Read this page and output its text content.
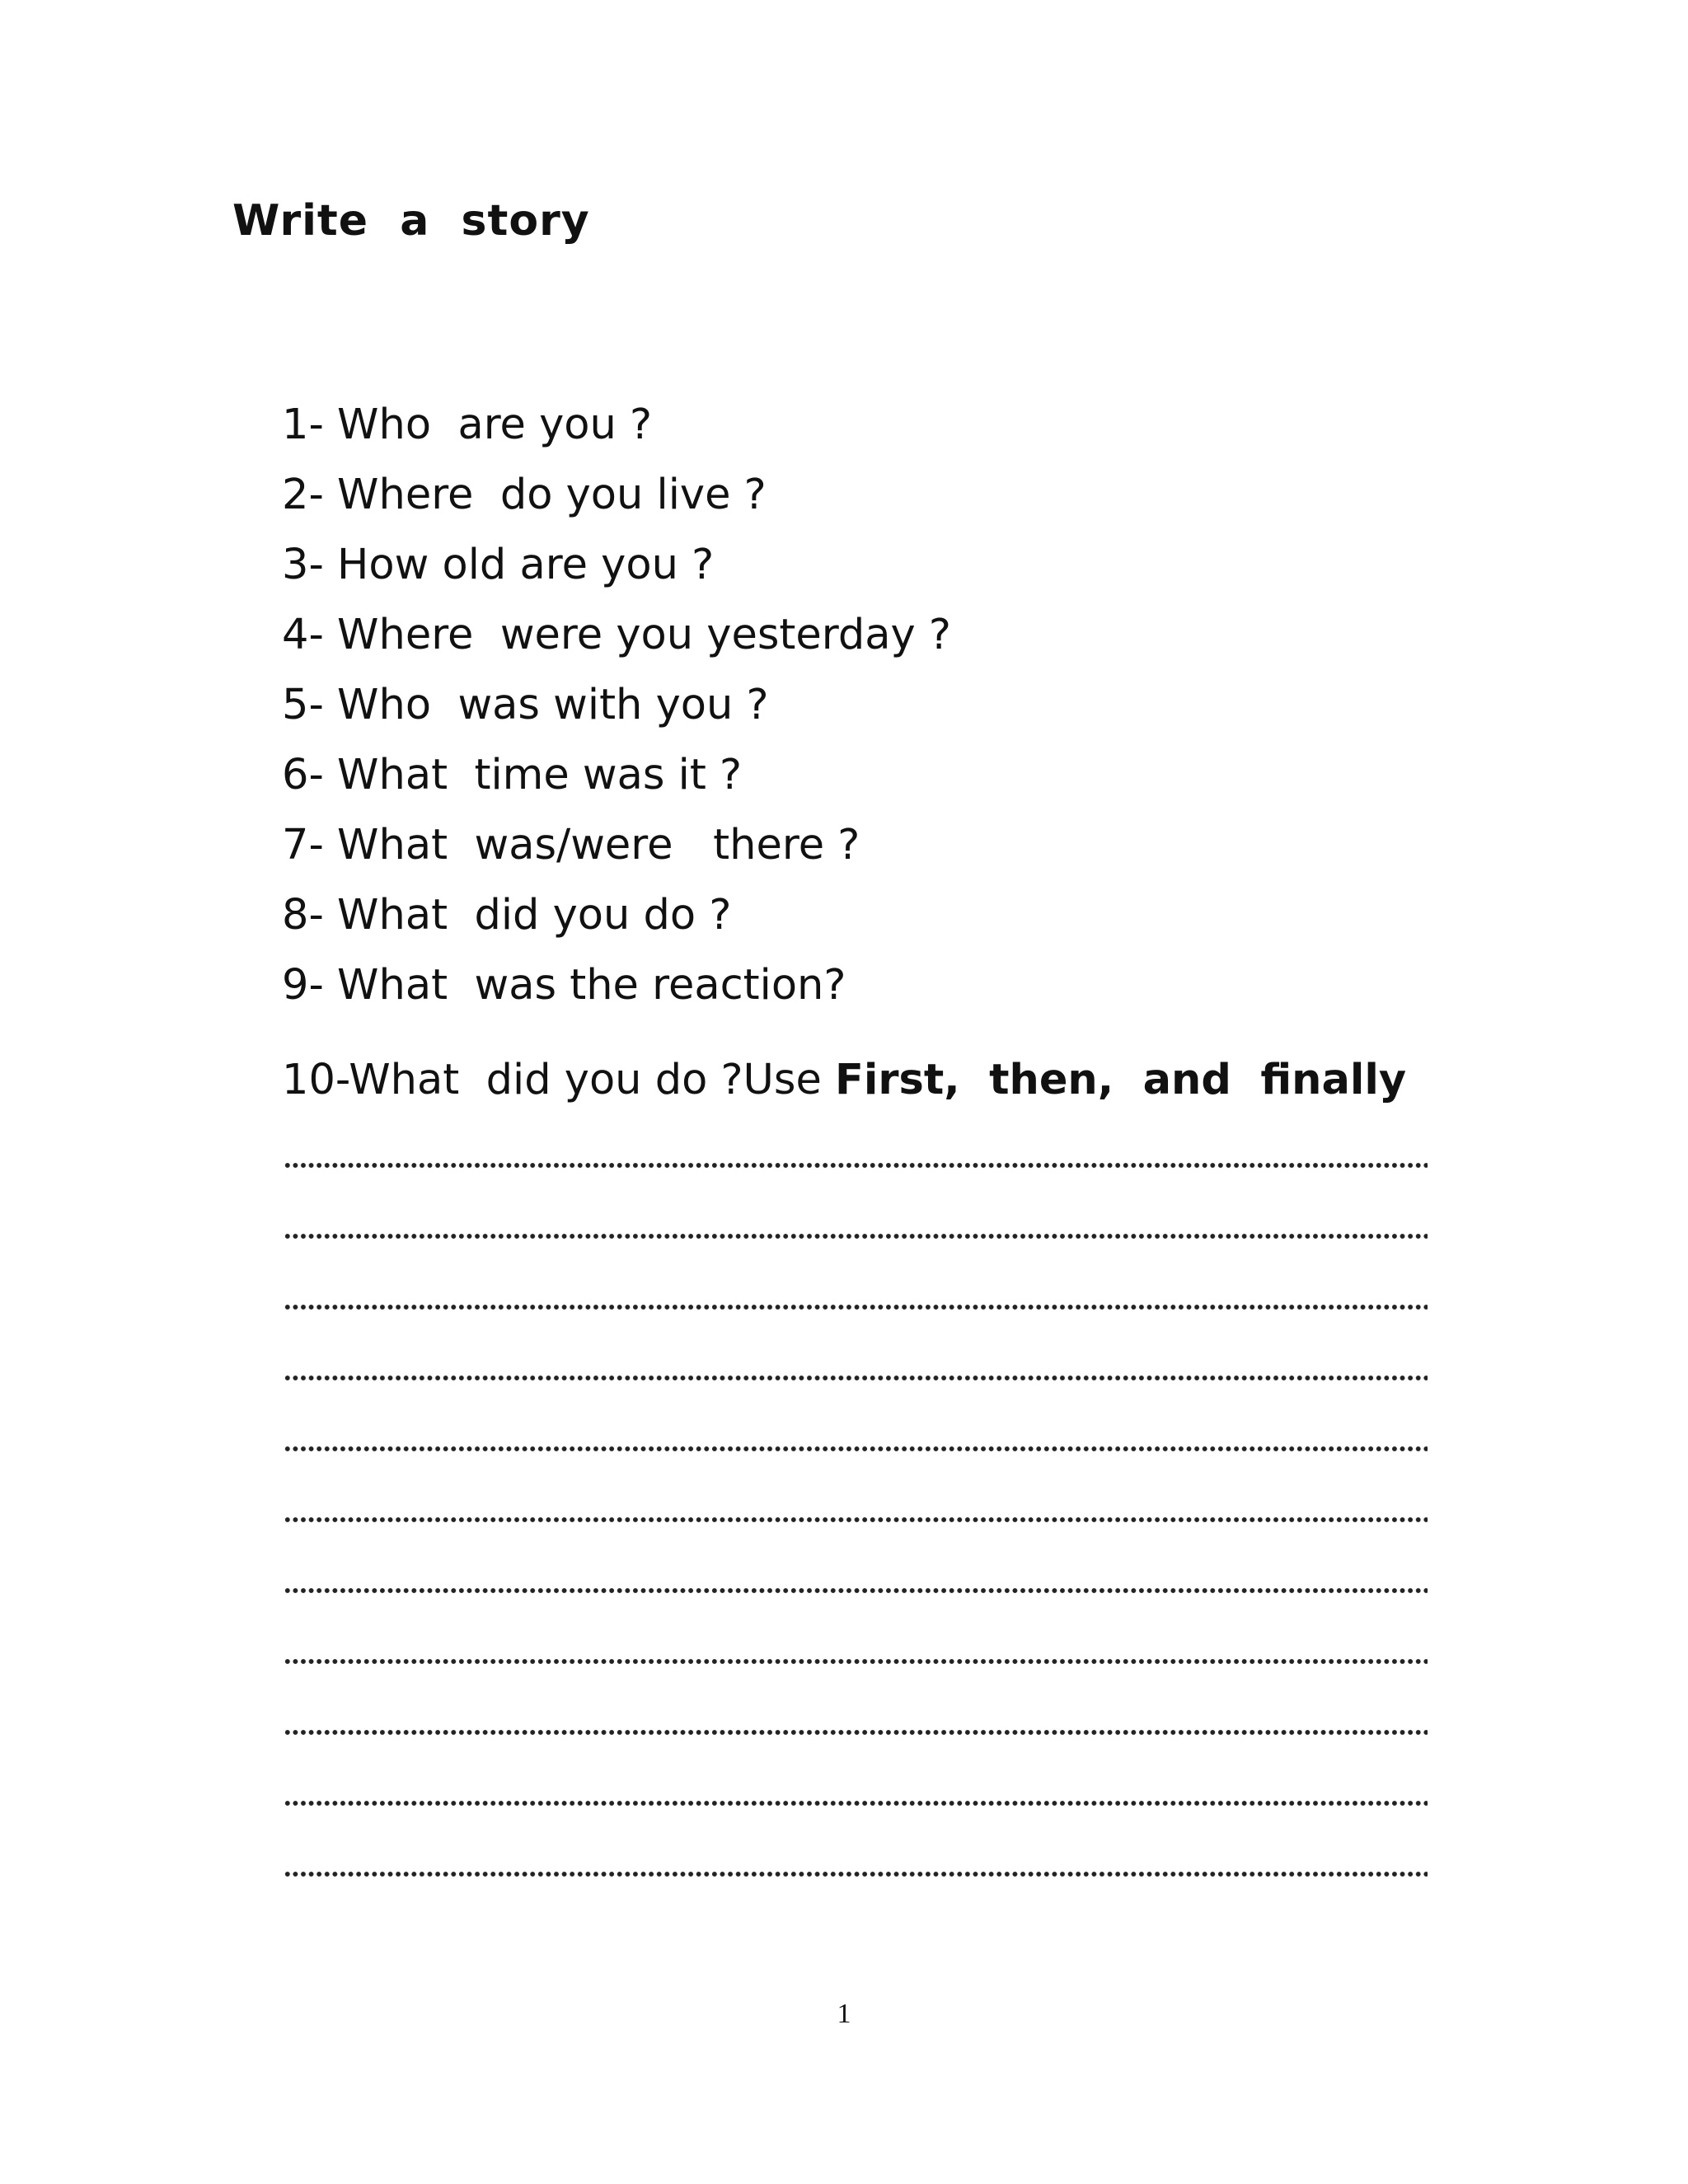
Write  a  story
1- Who  are you ?
2- Where  do you live ?
3- How old are you ?
4- Where  were you yesterday ?
5- Who  was with you ?
6- What  time was it ?
7- What  was/were   there ?
8- What  did you do ?
9- What  was the reaction?
10-What  did you do ?Use First,  then,  and  finally
1
